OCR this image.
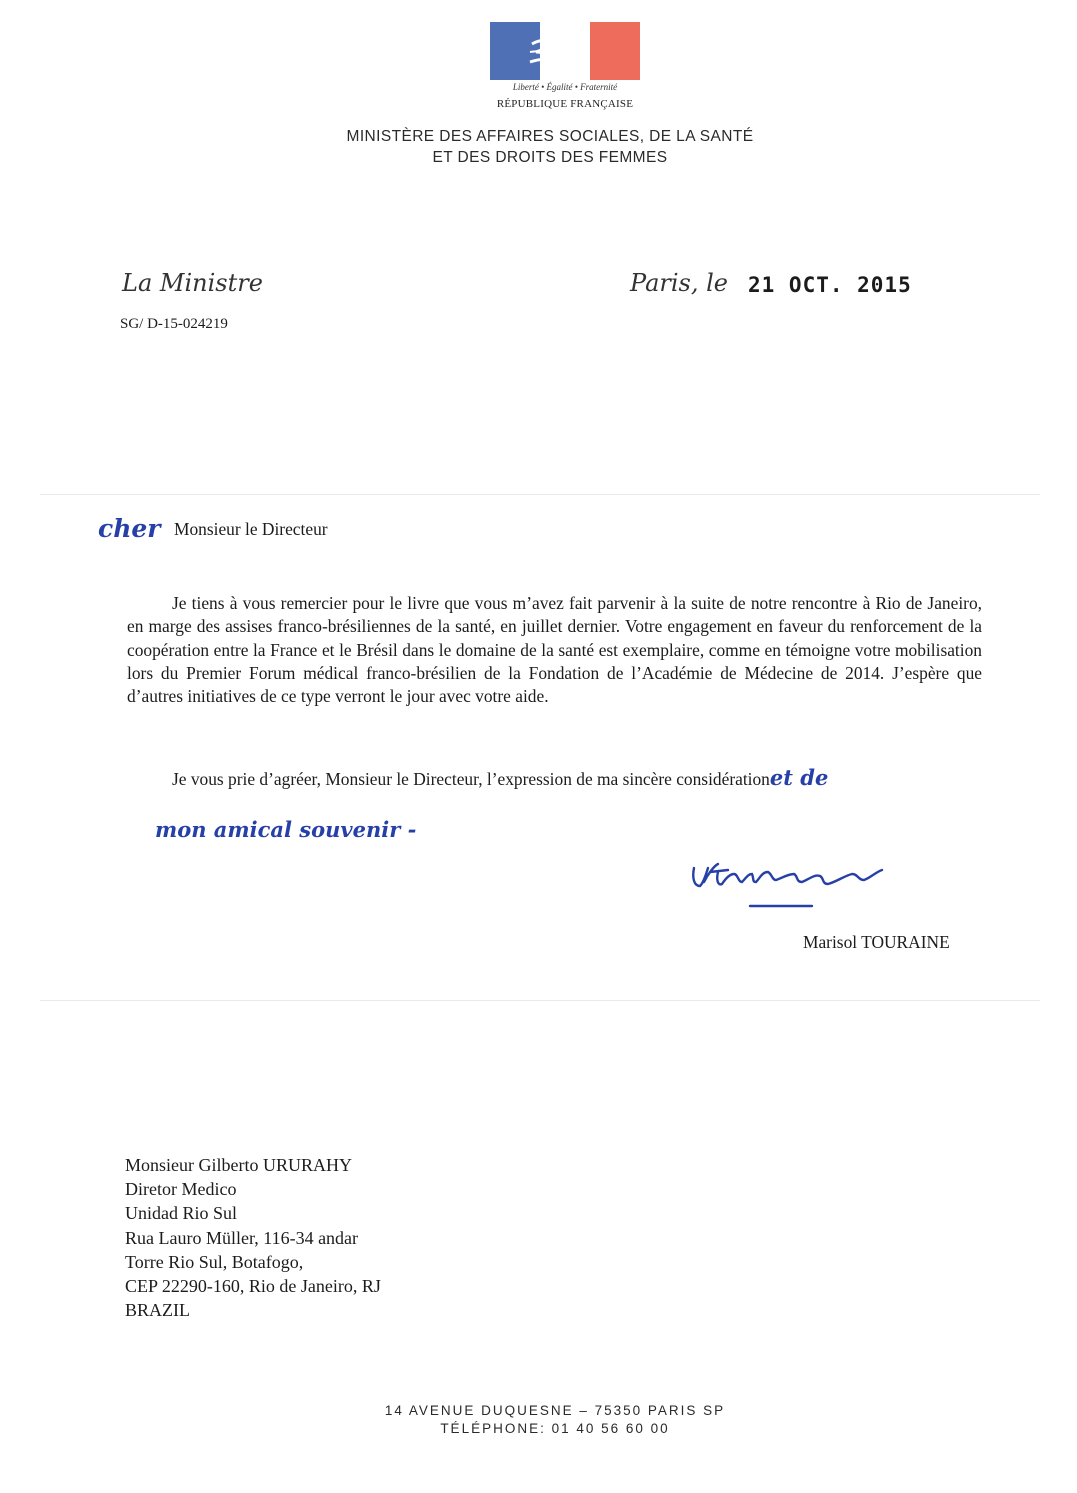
Liberté • Égalité • Fraternité
RÉPUBLIQUE FRANÇAISE
MINISTÈRE DES AFFAIRES SOCIALES, DE LA SANTÉ
ET DES DROITS DES FEMMES
La Ministre
SG/ D-15-024219
Paris, le 21 OCT. 2015
cher Monsieur le Directeur

Je tiens à vous remercier pour le livre que vous m’avez fait parvenir à la suite de notre rencontre à Rio de Janeiro, en marge des assises franco-brésiliennes de la santé, en juillet dernier. Votre engagement en faveur du renforcement de la coopération entre la France et le Brésil dans le domaine de la santé est exemplaire, comme en témoigne votre mobilisation lors du Premier Forum médical franco-brésilien de la Fondation de l’Académie de Médecine de 2014. J’espère que d’autres initiatives de ce type verront le jour avec votre aide.

Je vous prie d’agréer, Monsieur le Directeur, l’expression de ma sincère considérationet de
mon amical souvenir -
Marisol TOURAINE
Monsieur Gilberto URURAHY
Diretor Medico
Unidad Rio Sul
Rua Lauro Müller, 116-34 andar
Torre Rio Sul, Botafogo,
CEP 22290-160, Rio de Janeiro, RJ
BRAZIL
14 AVENUE DUQUESNE – 75350 PARIS SP
TÉLÉPHONE: 01 40 56 60 00
